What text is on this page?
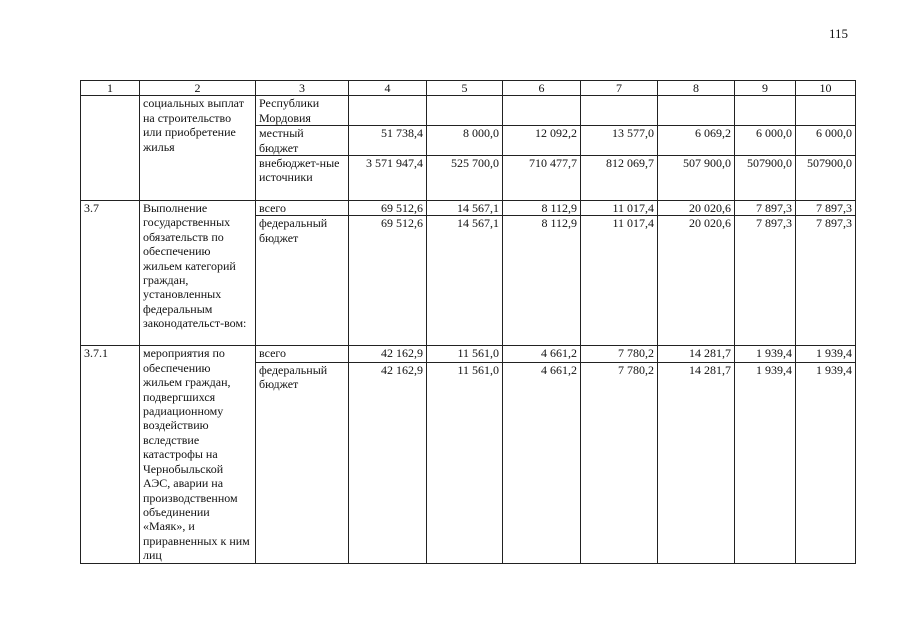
115
1	2	3	4	5	6	7	8	9	10
	социальных выплат на строительство или приобретение жилья	Республики Мордовия							
		местный бюджет	51 738,4	8 000,0	12 092,2	13 577,0	6 069,2	6 000,0	6 000,0
		внебюджет-ные источники	3 571 947,4	525 700,0	710 477,7	812 069,7	507 900,0	507900,0	507900,0
3.7	Выполнение государственных обязательств по обеспечению жильем категорий граждан, установленных федеральным законодательст-вом:	всего	69 512,6	14 567,1	8 112,9	11 017,4	20 020,6	7 897,3	7 897,3
		федеральный бюджет	69 512,6	14 567,1	8 112,9	11 017,4	20 020,6	7 897,3	7 897,3
3.7.1	мероприятия по обеспечению жильем граждан, подвергшихся радиационному воздействию вследствие катастрофы на Чернобыльской АЭС, аварии на производственном объединении «Маяк», и приравненных к ним лиц	всего	42 162,9	11 561,0	4 661,2	7 780,2	14 281,7	1 939,4	1 939,4
		федеральный бюджет	42 162,9	11 561,0	4 661,2	7 780,2	14 281,7	1 939,4	1 939,4
